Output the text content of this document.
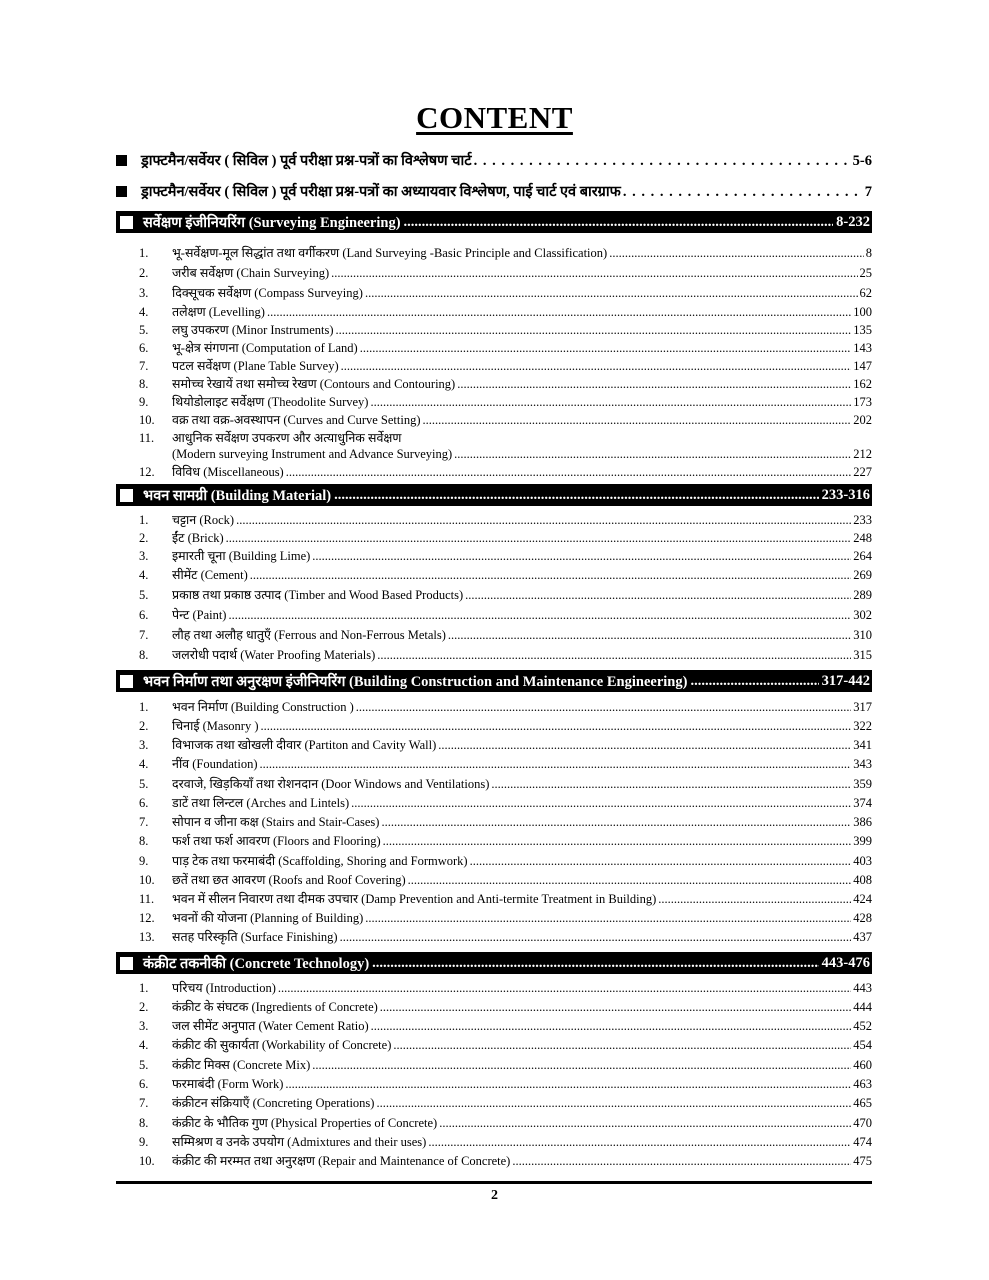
CONTENT
ड्राफ्टमैन/सर्वेयर ( सिविल ) पूर्व परीक्षा प्रश्न-पत्रों का विश्लेषण चार्ट . . .	5-6
ड्राफ्टमैन/सर्वेयर ( सिविल ) पूर्व परीक्षा प्रश्न-पत्रों का अध्यायवार विश्लेषण, पाई चार्ट एवं बारग्राफ . . .	7
सर्वेक्षण इंजीनियरिंग (Surveying Engineering) .....	8-232
1.	भू-सर्वेक्षण-मूल सिद्धांत तथा वर्गीकरण (Land Surveying -Basic Principle and Classification) .....	8
2.	जरीब सर्वेक्षण (Chain Surveying) .....	25
3.	दिक्सूचक सर्वेक्षण (Compass Surveying) .....	62
4.	तलेक्षण (Levelling) .....	100
5.	लघु उपकरण (Minor Instruments) .....	135
6.	भू-क्षेत्र संगणना (Computation of Land) .....	143
7.	पटल सर्वेक्षण (Plane Table Survey) .....	147
8.	समोच्च रेखायें तथा समोच्च रेखण (Contours and Contouring) .....	162
9.	थियोडोलाइट सर्वेक्षण (Theodolite Survey) .....	173
10.	वक्र तथा वक्र-अवस्थापन (Curves and Curve Setting) .....	202
11.	आधुनिक सर्वेक्षण उपकरण और अत्याधुनिक सर्वेक्षण
(Modern surveying Instrument and Advance Surveying) .....	212
12.	विविध (Miscellaneous) .....	227
भवन सामग्री (Building Material) .....	233-316
1.	चट्टान (Rock) .....	233
2.	ईंट (Brick) .....	248
3.	इमारती चूना (Building Lime) .....	264
4.	सीमेंट (Cement) .....	269
5.	प्रकाष्ठ तथा प्रकाष्ठ उत्पाद (Timber and Wood Based Products) .....	289
6.	पेन्ट (Paint) .....	302
7.	लौह तथा अलौह धातुएँ (Ferrous and Non-Ferrous Metals) .....	310
8.	जलरोधी पदार्थ (Water Proofing Materials) .....	315
भवन निर्माण तथा अनुरक्षण इंजीनियरिंग (Building Construction and Maintenance Engineering) .....	317-442
1.	भवन निर्माण (Building Construction ) .....	317
2.	चिनाई (Masonry ) .....	322
3.	विभाजक तथा खोखली दीवार (Partiton and Cavity Wall) .....	341
4.	नींव (Foundation) .....	343
5.	दरवाजे, खिड़कियाँ तथा रोशनदान (Door Windows and Ventilations) .....	359
6.	डाटें तथा लिन्टल (Arches and Lintels) .....	374
7.	सोपान व जीना कक्ष (Stairs and Stair-Cases) .....	386
8.	फर्श तथा फर्श आवरण (Floors and Flooring) .....	399
9.	पाड़ टेक तथा फरमाबंदी (Scaffolding, Shoring and Formwork) .....	403
10.	छतें तथा छत आवरण (Roofs and Roof Covering) .....	408
11.	भवन में सीलन निवारण तथा दीमक उपचार (Damp Prevention and Anti-termite Treatment in Building) .....	424
12.	भवनों की योजना (Planning of Building) .....	428
13.	सतह परिस्कृति (Surface Finishing) .....	437
कंक्रीट तकनीकी (Concrete Technology) .....	443-476
1.	परिचय (Introduction) .....	443
2.	कंक्रीट के संघटक (Ingredients of Concrete) .....	444
3.	जल सीमेंट अनुपात (Water Cement Ratio) .....	452
4.	कंक्रीट की सुकार्यता (Workability of Concrete) .....	454
5.	कंक्रीट मिक्स (Concrete Mix) .....	460
6.	फरमाबंदी (Form Work) .....	463
7.	कंक्रीटन संक्रियाएँ (Concreting Operations) .....	465
8.	कंक्रीट के भौतिक गुण (Physical Properties of Concrete) .....	470
9.	सम्मिश्रण व उनके उपयोग (Admixtures and their uses) .....	474
10.	कंक्रीट की मरम्मत तथा अनुरक्षण (Repair and Maintenance of Concrete) .....	475
2
